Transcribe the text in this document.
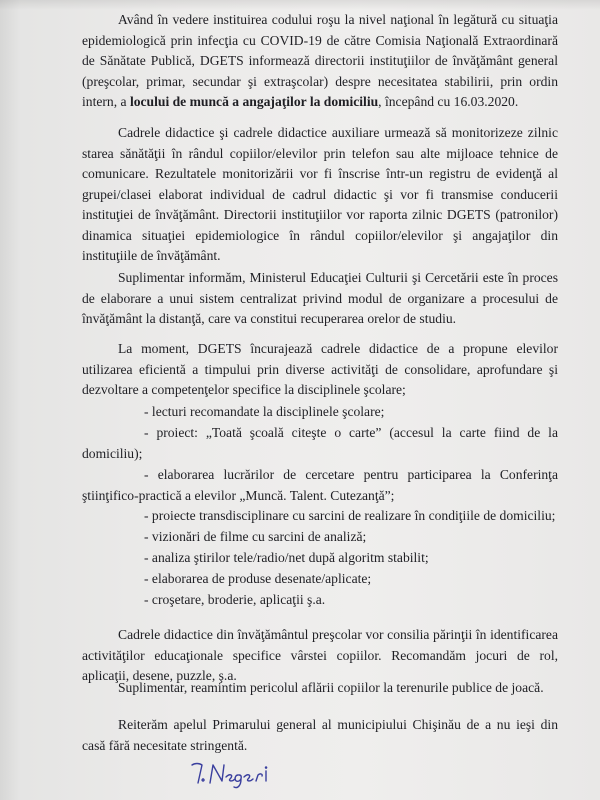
Având în vedere instituirea codului roşu la nivel naţional în legătură cu situaţia epidemiologică prin infecţia cu COVID-19 de către Comisia Naţională Extraordinară de Sănătate Publică, DGETS informează directorii instituţiilor de învăţământ general (preşcolar, primar, secundar şi extraşcolar) despre necesitatea stabilirii, prin ordin intern, a locului de muncă a angajaţilor la domiciliu, începând cu 16.03.2020.

Cadrele didactice şi cadrele didactice auxiliare urmează să monitorizeze zilnic starea sănătăţii în rândul copiilor/elevilor prin telefon sau alte mijloace tehnice de comunicare. Rezultatele monitorizării vor fi înscrise într-un registru de evidenţă al grupei/clasei elaborat individual de cadrul didactic şi vor fi transmise conducerii instituţiei de învăţământ. Directorii instituţiilor vor raporta zilnic DGETS (patronilor) dinamica situaţiei epidemiologice în rândul copiilor/elevilor şi angajaţilor din instituţiile de învăţământ.

Suplimentar informăm, Ministerul Educaţiei Culturii şi Cercetării este în proces de elaborare a unui sistem centralizat privind modul de organizare a procesului de învăţământ la distanţă, care va constitui recuperarea orelor de studiu.

La moment, DGETS încurajează cadrele didactice de a propune elevilor utilizarea eficientă a timpului prin diverse activităţi de consolidare, aprofundare şi dezvoltare a competenţelor specifice la disciplinele şcolare;

- lecturi recomandate la disciplinele şcolare;

- proiect: „Toată şcoală citeşte o carte” (accesul la carte fiind de la domiciliu);

- elaborarea lucrărilor de cercetare pentru participarea la Conferinţa ştiinţifico-practică a elevilor „Muncă. Talent. Cutezanţă”;

- proiecte transdisciplinare cu sarcini de realizare în condiţiile de domiciliu;

- vizionări de filme cu sarcini de analiză;

- analiza ştirilor tele/radio/net după algoritm stabilit;

- elaborarea de produse desenate/aplicate;

- croşetare, broderie, aplicaţii ş.a.

Cadrele didactice din învăţământul preşcolar vor consilia părinţii în identificarea activităţilor educaţionale specifice vârstei copiilor. Recomandăm jocuri de rol, aplicaţii, desene, puzzle, ş.a.

Suplimentar, reamintim pericolul aflării copiilor la terenurile publice de joacă.

Reiterăm apelul Primarului general al municipiului Chişinău de a nu ieşi din casă fără necesitate stringentă.
